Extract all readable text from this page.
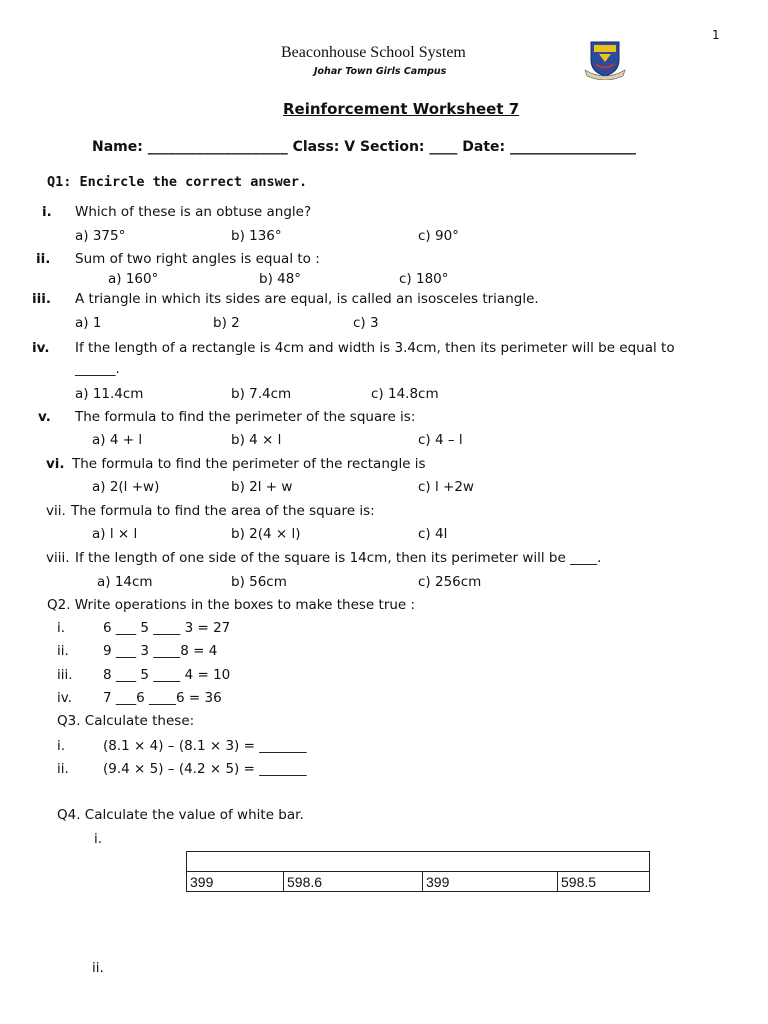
1
Beaconhouse School System
Johar Town Girls Campus
Reinforcement Worksheet 7
Name: ____________________ Class: V Section: ____ Date: __________________
Q1: Encircle the correct answer.
i. Which of these is an obtuse angle?
a) 375°	b) 136°	c) 90°
ii. Sum of two right angles is equal to :
a) 160°	b) 48°	c) 180°
iii. A triangle in which its sides are equal, is called an isosceles triangle.
a) 1	b) 2	c) 3
iv. If the length of a rectangle is 4cm and width is 3.4cm, then its perimeter will be equal to
______.
a) 11.4cm	b) 7.4cm	c) 14.8cm
v. The formula to find the perimeter of the square is:
a) 4 + l	b) 4 × l	c) 4 – l
vi. The formula to find the perimeter of the rectangle is
a) 2(l +w)	b) 2l + w	c) l +2w
vii. The formula to find the area of the square is:
a) l × l	b) 2(4 × l)	c) 4l
viii. If the length of one side of the square is 14cm, then its perimeter will be ____.
a) 14cm	b) 56cm	c) 256cm
Q2. Write operations in the boxes to make these true :
i.	6 ___ 5 ____ 3 = 27
ii.	9 ___ 3 ____8 = 4
iii. 8 ___ 5 ____ 4 = 10
iv. 7 ___6 ____6 = 36
Q3. Calculate these:
i.	(8.1 × 4) – (8.1 × 3) = _______
ii.	(9.4 × 5) – (4.2 × 5) = _______
Q4. Calculate the value of white bar.
i.

399	598.6	399	598.5
ii.
